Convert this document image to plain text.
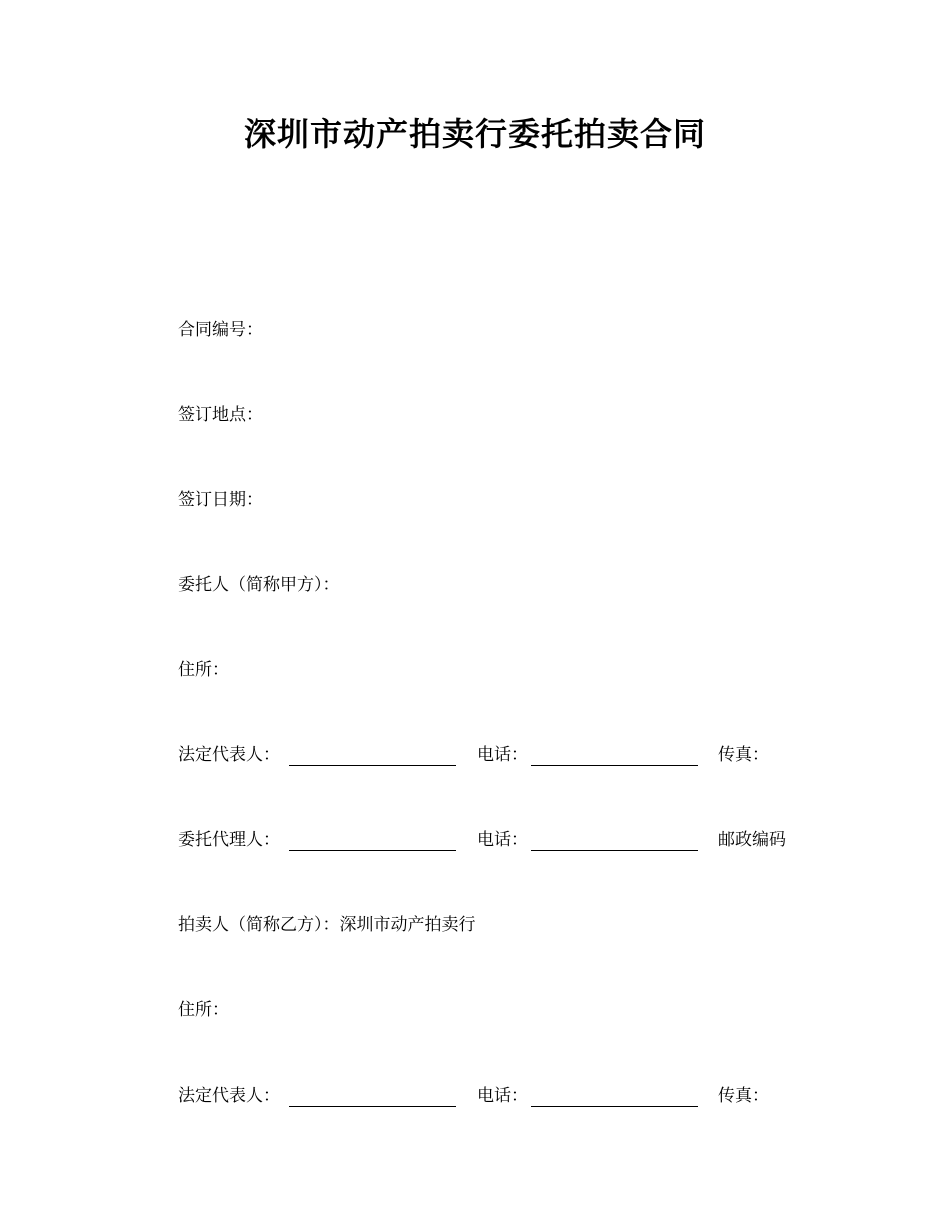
深圳市动产拍卖行委托拍卖合同
合同编号：
签订地点：
签订日期：
委托人（简称甲方）：
住所：
法定代表人：	电话：	传真：
委托代理人：	电话：	邮政编码
拍卖人（简称乙方）：深圳市动产拍卖行
住所：
法定代表人：	电话：	传真：
